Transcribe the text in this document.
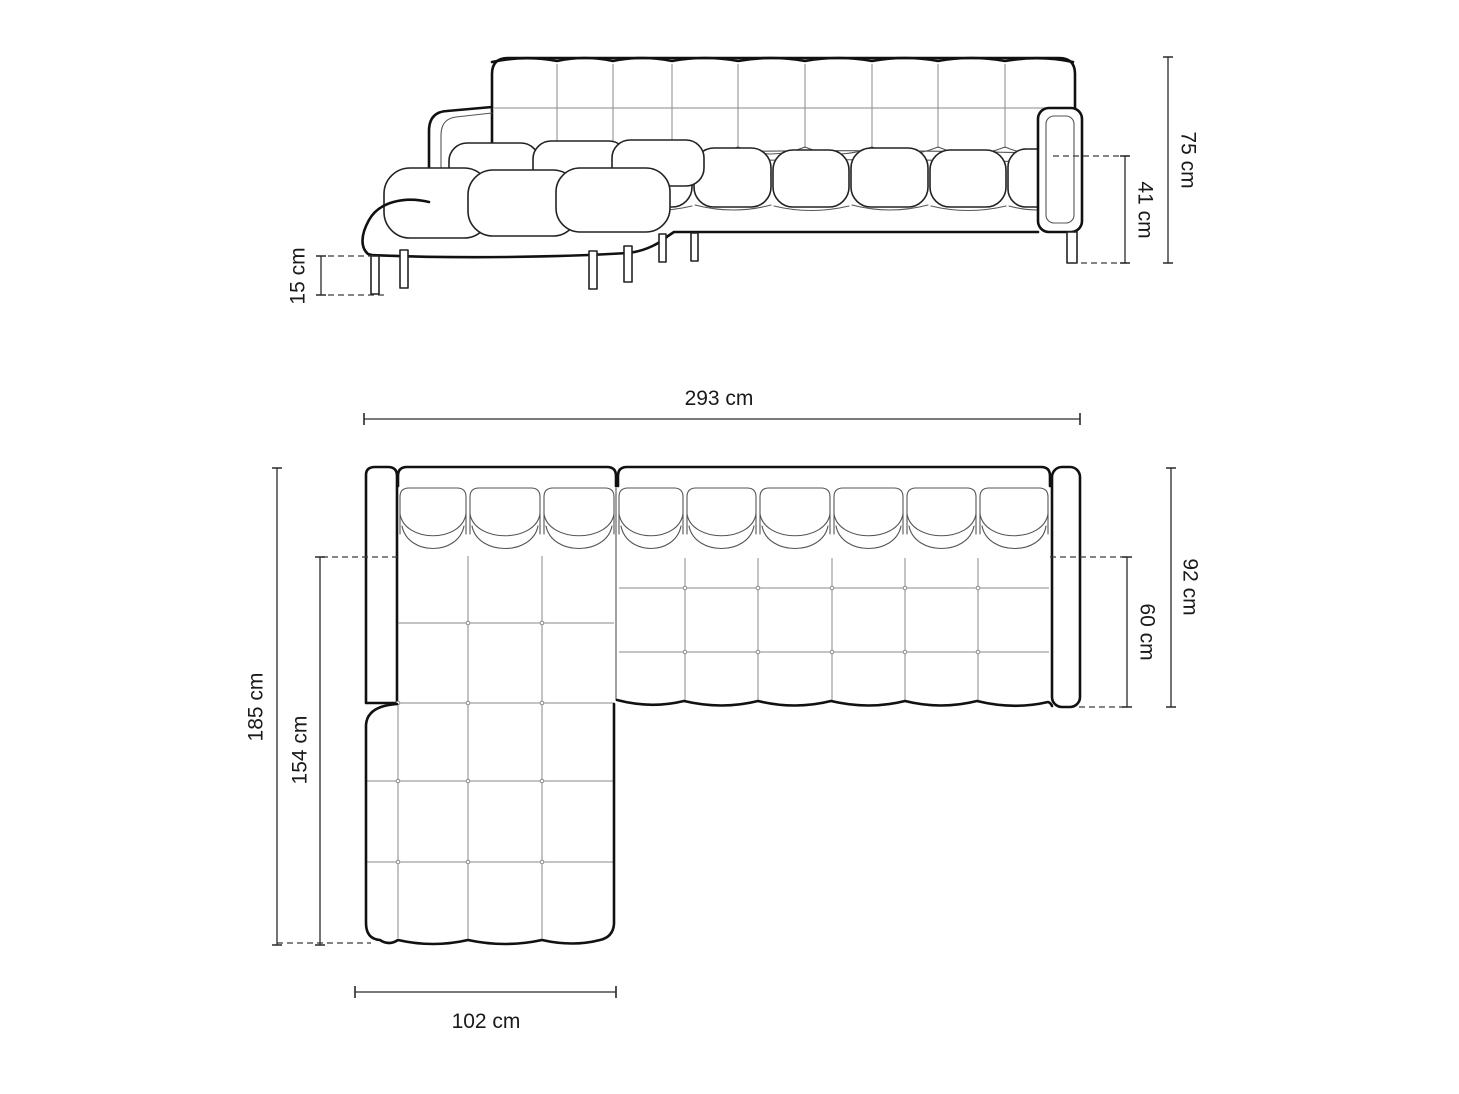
41 cm
75 cm
15 cm
293 cm
92 cm
60 cm
185 cm
154 cm
102 cm
